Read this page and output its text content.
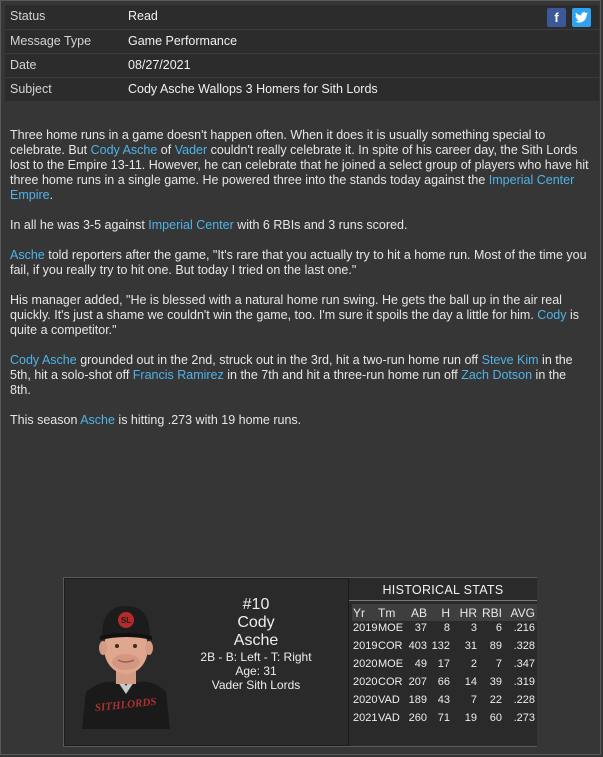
Status	Read
Message Type	Game Performance
Date	08/27/2021
Subject	Cody Asche Wallops 3 Homers for Sith Lords
f

Three home runs in a game doesn't happen often. When it does it is usually something special to celebrate. But Cody Asche of Vader couldn't really celebrate it. In spite of his career day, the Sith Lords lost to the Empire 13-11. However, he can celebrate that he joined a select group of players who have hit three home runs in a single game. He powered three into the stands today against the Imperial Center Empire.

In all he was 3-5 against Imperial Center with 6 RBIs and 3 runs scored.

Asche told reporters after the game, "It's rare that you actually try to hit a home run. Most of the time you fail, if you really try to hit one. But today I tried on the last one."

His manager added, "He is blessed with a natural home run swing. He gets the ball up in the air real quickly. It's just a shame we couldn't win the game, too. I'm sure it spoils the day a little for him. Cody is quite a competitor."

Cody Asche grounded out in the 2nd, struck out in the 3rd, hit a two-run home run off Steve Kim in the 5th, hit a solo-shot off Francis Ramirez in the 7th and hit a three-run home run off Zach Dotson in the 8th.

This season Asche is hitting .273 with 19 home runs.

SITHLORDS
SL
#10
Cody
Asche
2B - B: Left - T: Right
Age: 31
Vader Sith Lords
HISTORICAL STATS
Yr Tm AB H HR RBI AVG
2019 MOE 37 8 3 6 .216
2019 COR 403 132 31 89 .328
2020 MOE 49 17 2 7 .347
2020 COR 207 66 14 39 .319
2020 VAD 189 43 7 22 .228
2021 VAD 260 71 19 60 .273
